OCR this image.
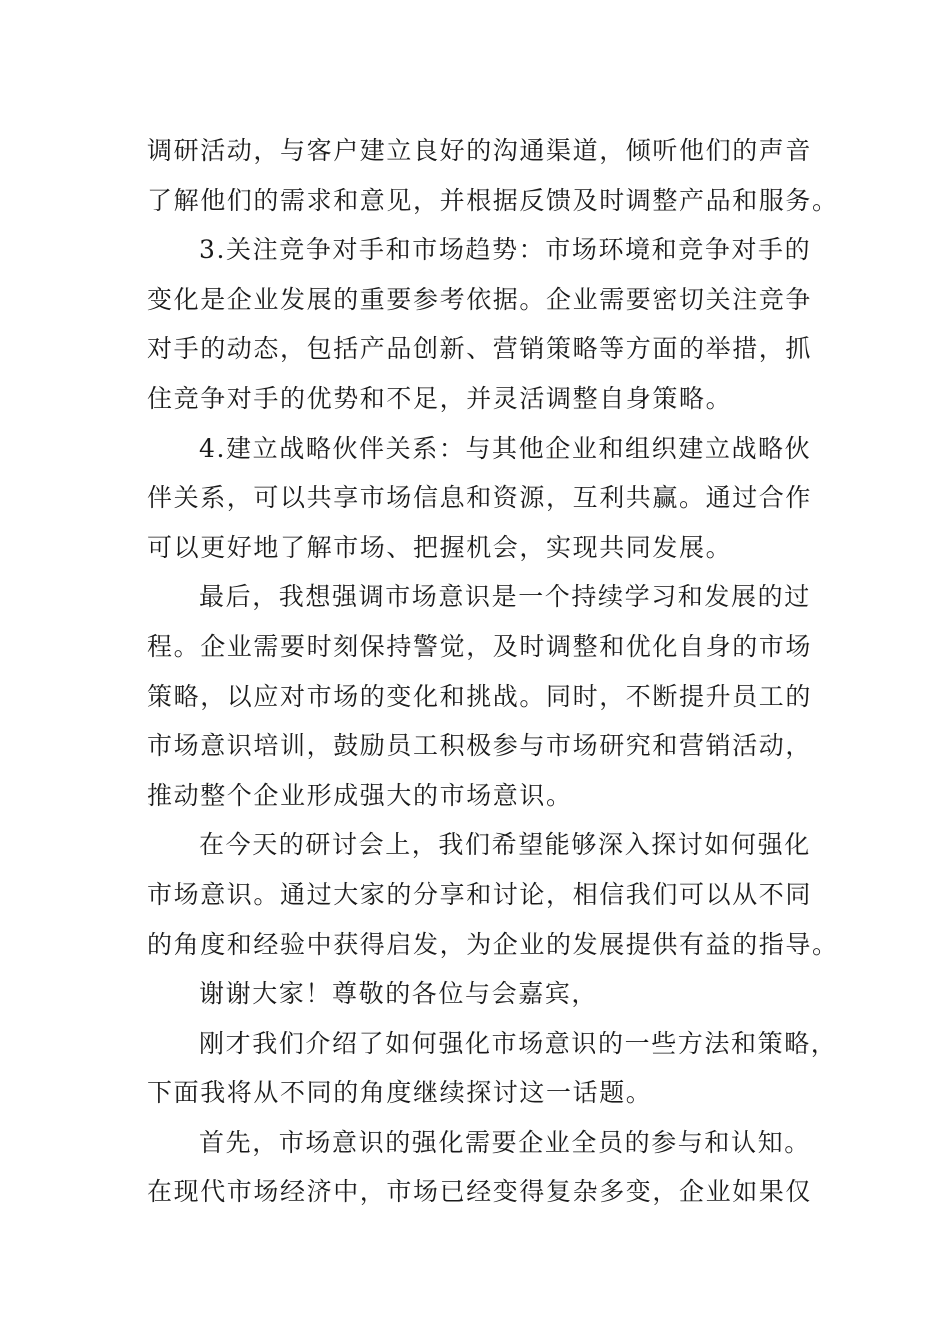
调研活动，与客户建立良好的沟通渠道，倾听他们的声音
了解他们的需求和意见，并根据反馈及时调整产品和服务。
3.关注竞争对手和市场趋势：市场环境和竞争对手的
变化是企业发展的重要参考依据。企业需要密切关注竞争
对手的动态，包括产品创新、营销策略等方面的举措，抓
住竞争对手的优势和不足，并灵活调整自身策略。
4.建立战略伙伴关系：与其他企业和组织建立战略伙
伴关系，可以共享市场信息和资源，互利共赢。通过合作
可以更好地了解市场、把握机会，实现共同发展。
最后，我想强调市场意识是一个持续学习和发展的过
程。企业需要时刻保持警觉，及时调整和优化自身的市场
策略，以应对市场的变化和挑战。同时，不断提升员工的
市场意识培训，鼓励员工积极参与市场研究和营销活动，
推动整个企业形成强大的市场意识。
在今天的研讨会上，我们希望能够深入探讨如何强化
市场意识。通过大家的分享和讨论，相信我们可以从不同
的角度和经验中获得启发，为企业的发展提供有益的指导。
谢谢大家！尊敬的各位与会嘉宾，
刚才我们介绍了如何强化市场意识的一些方法和策略，
下面我将从不同的角度继续探讨这一话题。
首先，市场意识的强化需要企业全员的参与和认知。
在现代市场经济中，市场已经变得复杂多变，企业如果仅
